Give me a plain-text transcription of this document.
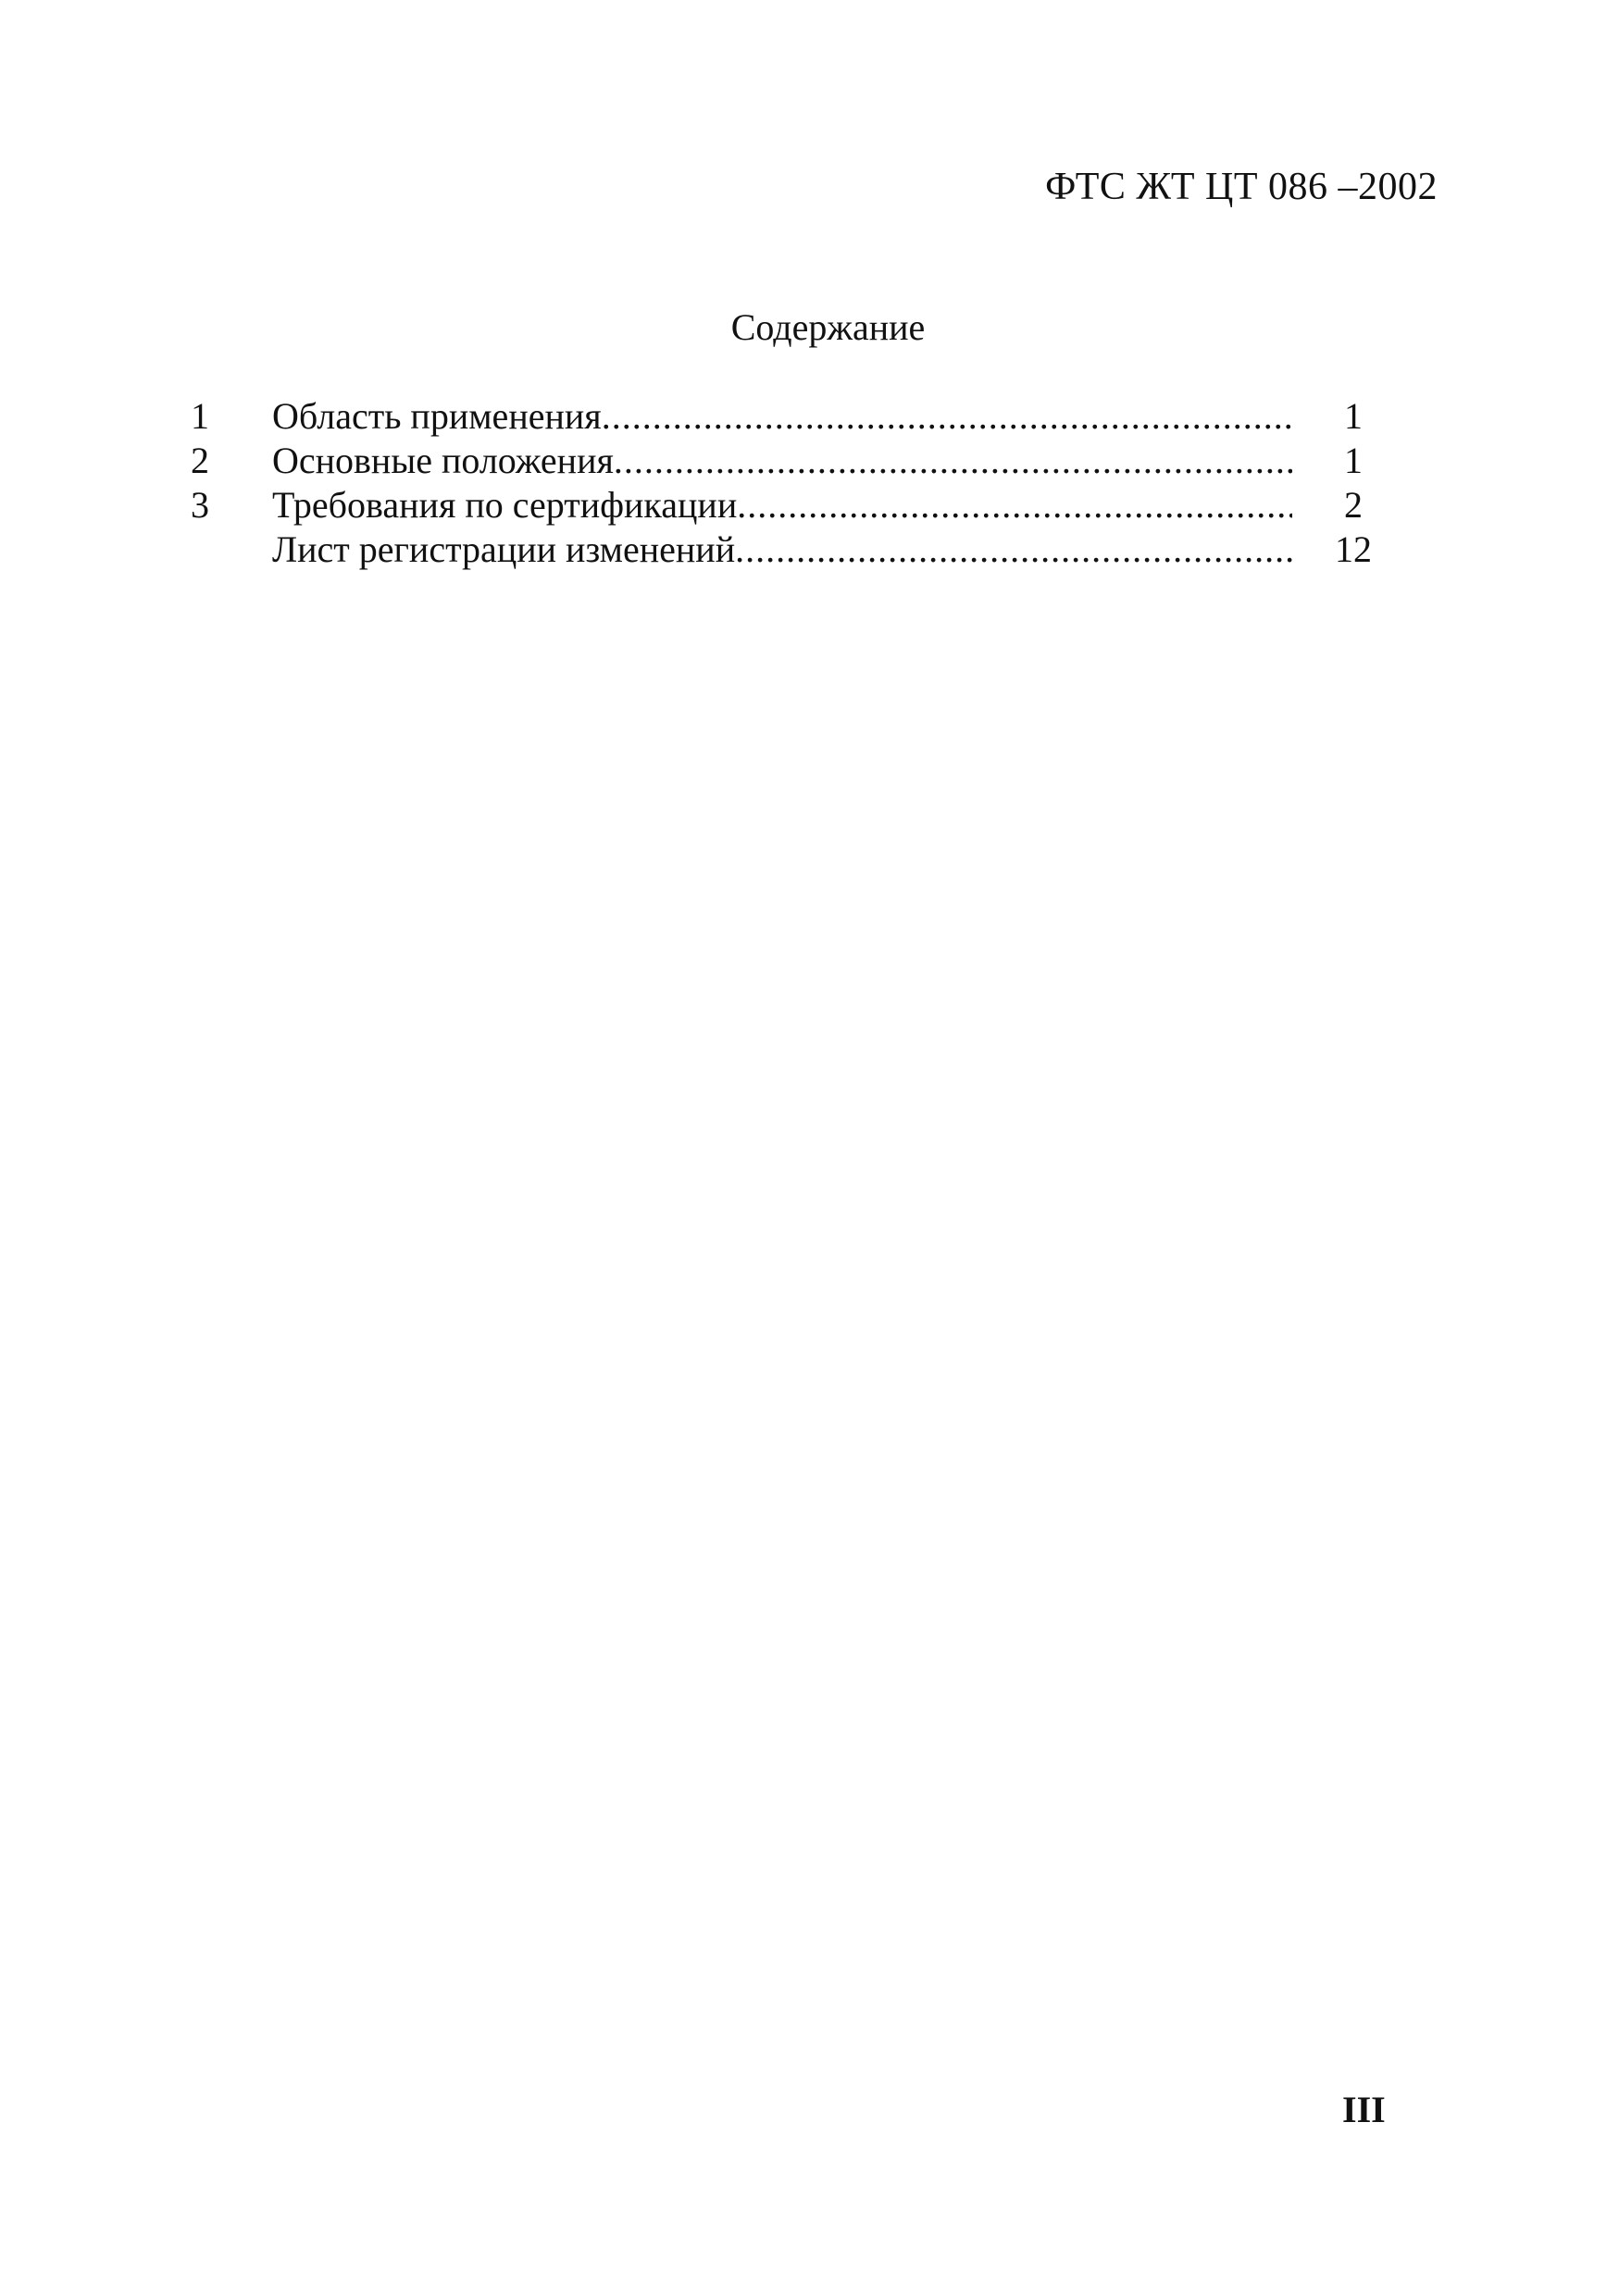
ФТС ЖТ ЦТ 086 –2002
Содержание
1	Область применения .....	1
2	Основные положения .....	1
3	Требования по сертификации .....	2
Лист регистрации изменений .....	12
III
